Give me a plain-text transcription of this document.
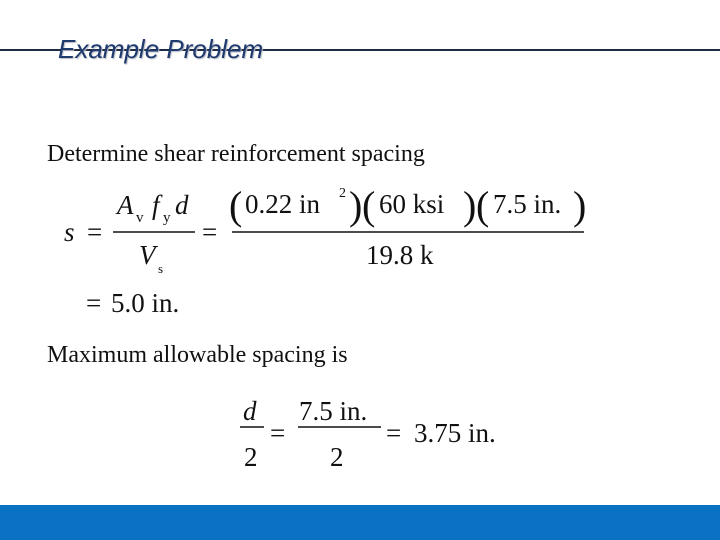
Example Problem
Determine shear reinforcement spacing
s =
A v f y d
V s
=
( 0.22 in 2 ) ( 60 ksi ) ( 7.5 in. )
19.8 k
= 5.0 in.
d
2
=
7.5 in.
2
= 3.75 in.
Maximum allowable spacing is
